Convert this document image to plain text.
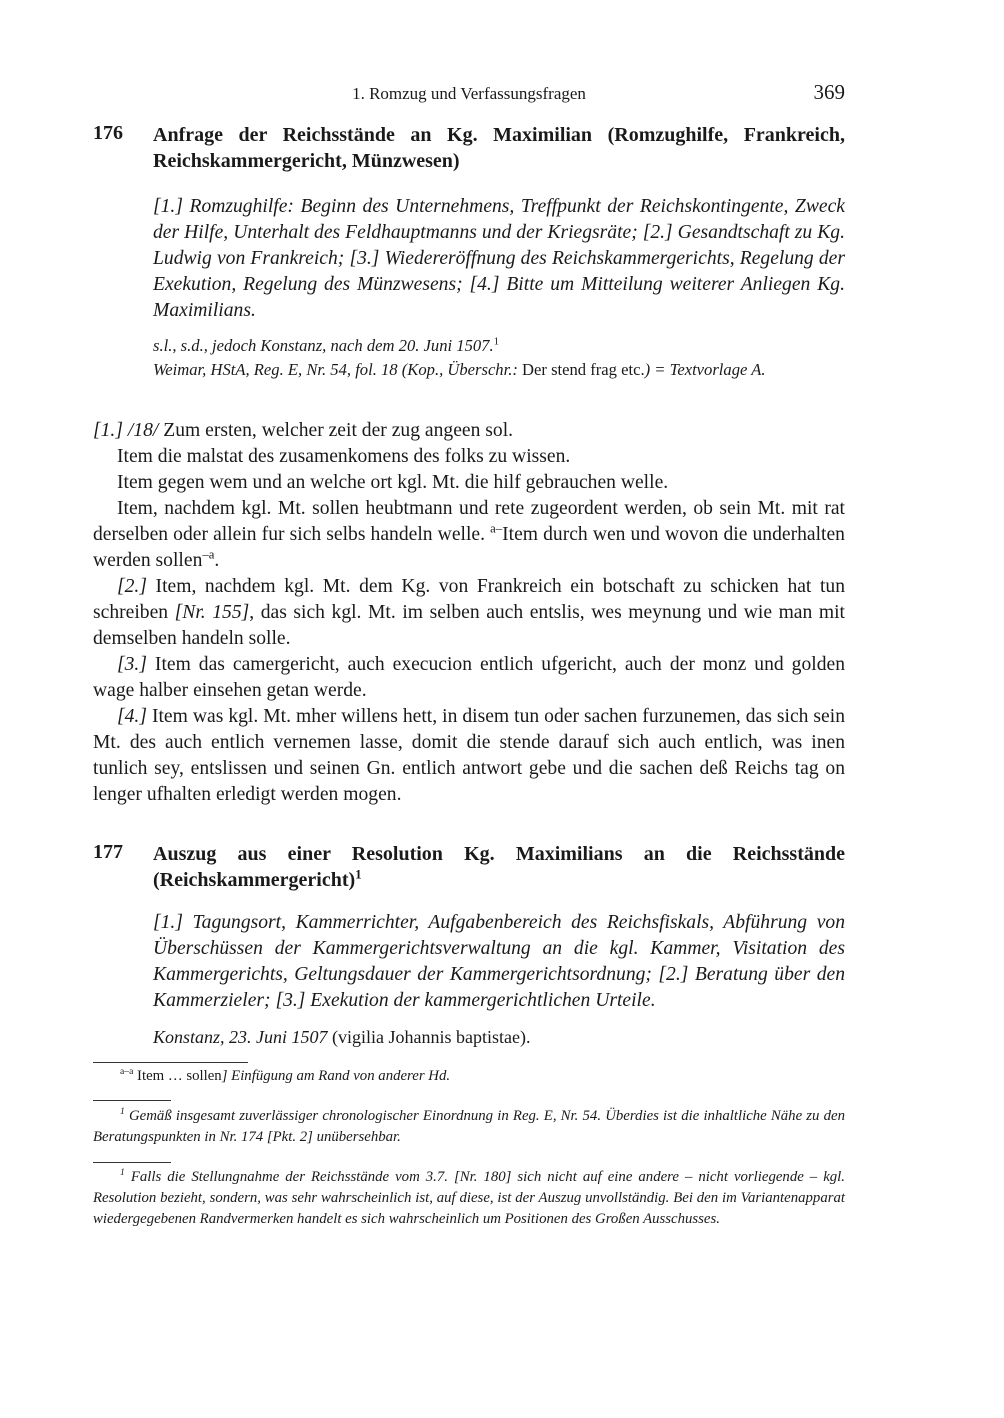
1. Romzug und Verfassungsfragen	369
176 Anfrage der Reichsstände an Kg. Maximilian (Romzughilfe, Frankreich, Reichskammergericht, Münzwesen)

[1.] Romzughilfe: Beginn des Unternehmens, Treffpunkt der Reichskontingente, Zweck der Hilfe, Unterhalt des Feldhauptmanns und der Kriegsräte; [2.] Gesandtschaft zu Kg. Ludwig von Frankreich; [3.] Wiedereröffnung des Reichskammergerichts, Regelung der Exekution, Regelung des Münzwesens; [4.] Bitte um Mitteilung weiterer Anliegen Kg. Maximilians.

s.l., s.d., jedoch Konstanz, nach dem 20. Juni 1507.$^1$
Weimar, HStA, Reg. E, Nr. 54, fol. 18 (Kop., Überschr.: Der stend frag etc.) = Textvorlage A.

[1.] /18/ Zum ersten, welcher zeit der zug angeen sol.

Item die malstat des zusamenkomens des folks zu wissen.

Item gegen wem und an welche ort kgl. Mt. die hilf gebrauchen welle.

Item, nachdem kgl. Mt. sollen heubtmann und rete zugeordent werden, ob sein Mt. mit rat derselben oder allein fur sich selbs handeln welle. $^{a-}$Item durch wen und wovon die underhalten werden sollen$^{-a}$.

[2.] Item, nachdem kgl. Mt. dem Kg. von Frankreich ein botschaft zu schicken hat tun schreiben [Nr. 155], das sich kgl. Mt. im selben auch entslis, wes meynung und wie man mit demselben handeln solle.

[3.] Item das camergericht, auch execucion entlich ufgericht, auch der monz und golden wage halber einsehen getan werde.

[4.] Item was kgl. Mt. mher willens hett, in disem tun oder sachen furzunemen, das sich sein Mt. des auch entlich vernemen lasse, domit die stende darauf sich auch entlich, was inen tunlich sey, entslissen und seinen Gn. entlich antwort gebe und die sachen deß Reichs tag on lenger ufhalten erledigt werden mogen.

177 Auszug aus einer Resolution Kg. Maximilians an die Reichsstände (Reichskammergericht)$^1$

[1.] Tagungsort, Kammerrichter, Aufgabenbereich des Reichsfiskals, Abführung von Überschüssen der Kammergerichtsverwaltung an die kgl. Kammer, Visitation des Kammergerichts, Geltungsdauer der Kammergerichtsordnung; [2.] Beratung über den Kammerzieler; [3.] Exekution der kammergerichtlichen Urteile.

Konstanz, 23. Juni 1507 (vigilia Johannis baptistae).

$^{a-a}$ Item … sollen] Einfügung am Rand von anderer Hd.

$^1$ Gemäß insgesamt zuverlässiger chronologischer Einordnung in Reg. E, Nr. 54. Überdies ist die inhaltliche Nähe zu den Beratungspunkten in Nr. 174 [Pkt. 2] unübersehbar.

$^1$ Falls die Stellungnahme der Reichsstände vom 3.7. [Nr. 180] sich nicht auf eine andere – nicht vorliegende – kgl. Resolution bezieht, sondern, was sehr wahrscheinlich ist, auf diese, ist der Auszug unvollständig. Bei den im Variantenapparat wiedergegebenen Randvermerken handelt es sich wahrscheinlich um Positionen des Großen Ausschusses.
